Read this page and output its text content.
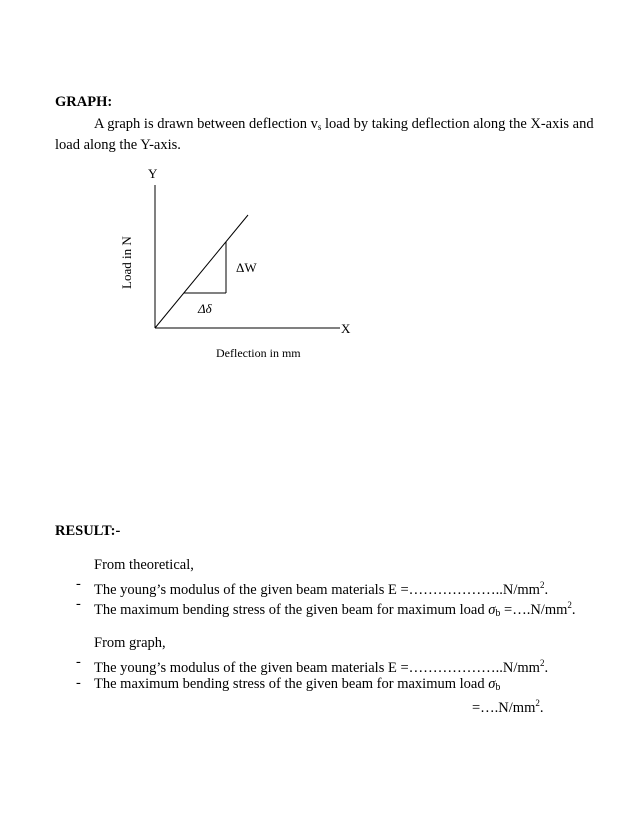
GRAPH:
A graph is drawn between deflection $v_s$ load by taking deflection along the X-axis and
load along the Y-axis.
Y
X
Load in N
Deflection in mm
ΔW
Δδ
RESULT:-
From theoretical,
- The young’s modulus of the given beam materials $E =\dots\dots\dots\dots\dots\dots..N/mm^2$.
- The maximum bending stress of the given beam for maximum load $\sigma_b$ $=\dots.N/mm^2$.
From graph,
- The young’s modulus of the given beam materials $E =\dots\dots\dots\dots\dots\dots..N/mm^2$.
- The maximum bending stress of the given beam for maximum load $\sigma_b$
$=\dots.N/mm^2$.
